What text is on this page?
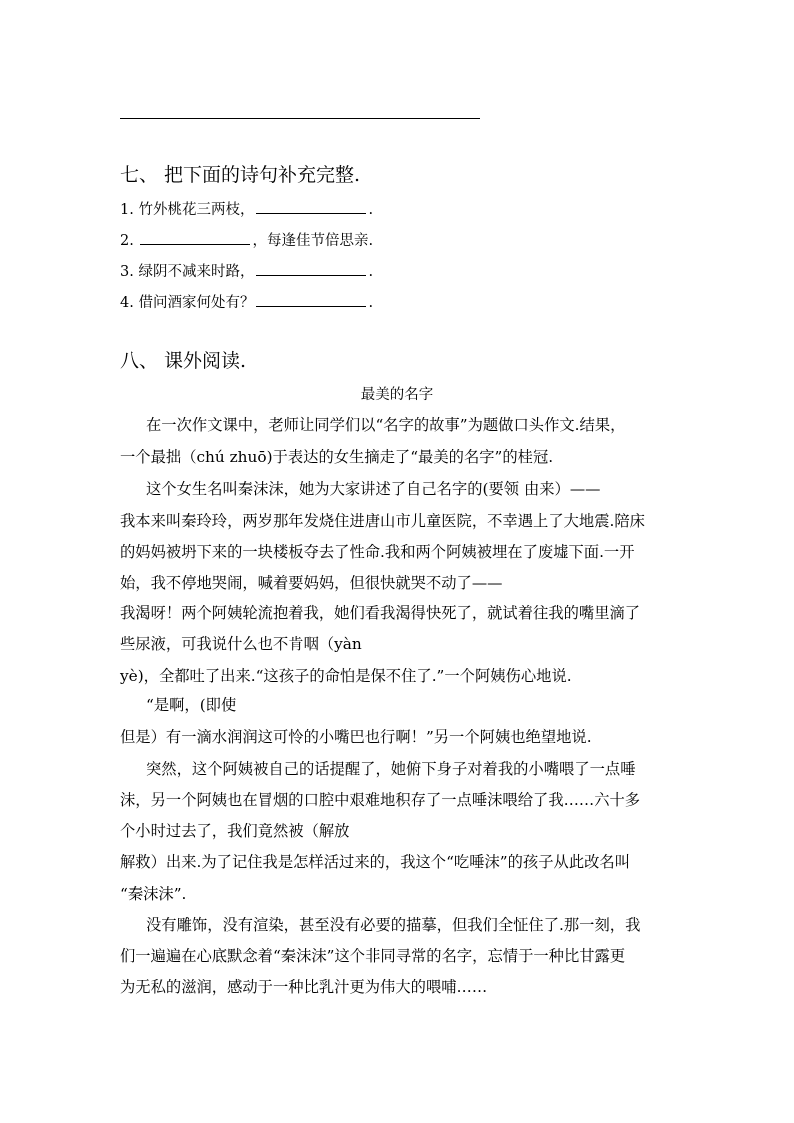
七、 把下面的诗句补充完整.
1. 竹外桃花三两枝，	.
2.	，每逢佳节倍思亲.
3. 绿阴不减来时路，	.
4. 借问酒家何处有？	.
八、 课外阅读.
最美的名字
在一次作文课中，老师让同学们以“名字的故事”为题做口头作文.结果，
一个最拙（chú zhuō)于表达的女生摘走了“最美的名字”的桂冠.
这个女生名叫秦沫沫，她为大家讲述了自己名字的(要领 由来）——
我本来叫秦玲玲，两岁那年发烧住进唐山市儿童医院，不幸遇上了大地震.陪床
的妈妈被坍下来的一块楼板夺去了性命.我和两个阿姨被埋在了废墟下面.一开
始，我不停地哭闹，喊着要妈妈，但很快就哭不动了——
我渴呀！两个阿姨轮流抱着我，她们看我渴得快死了，就试着往我的嘴里滴了
些尿液，可我说什么也不肯咽（yàn
yè)，全都吐了出来.“这孩子的命怕是保不住了.”一个阿姨伤心地说.
“是啊，(即使
但是）有一滴水润润这可怜的小嘴巴也行啊！”另一个阿姨也绝望地说.
突然，这个阿姨被自己的话提醒了，她俯下身子对着我的小嘴喂了一点唾
沫，另一个阿姨也在冒烟的口腔中艰难地积存了一点唾沫喂给了我……六十多
个小时过去了，我们竟然被（解放
解救）出来.为了记住我是怎样活过来的，我这个“吃唾沫”的孩子从此改名叫
“秦沫沫”.
没有雕饰，没有渲染，甚至没有必要的描摹，但我们全怔住了.那一刻，我
们一遍遍在心底默念着“秦沫沫”这个非同寻常的名字，忘情于一种比甘露更
为无私的滋润，感动于一种比乳汁更为伟大的喂哺……
